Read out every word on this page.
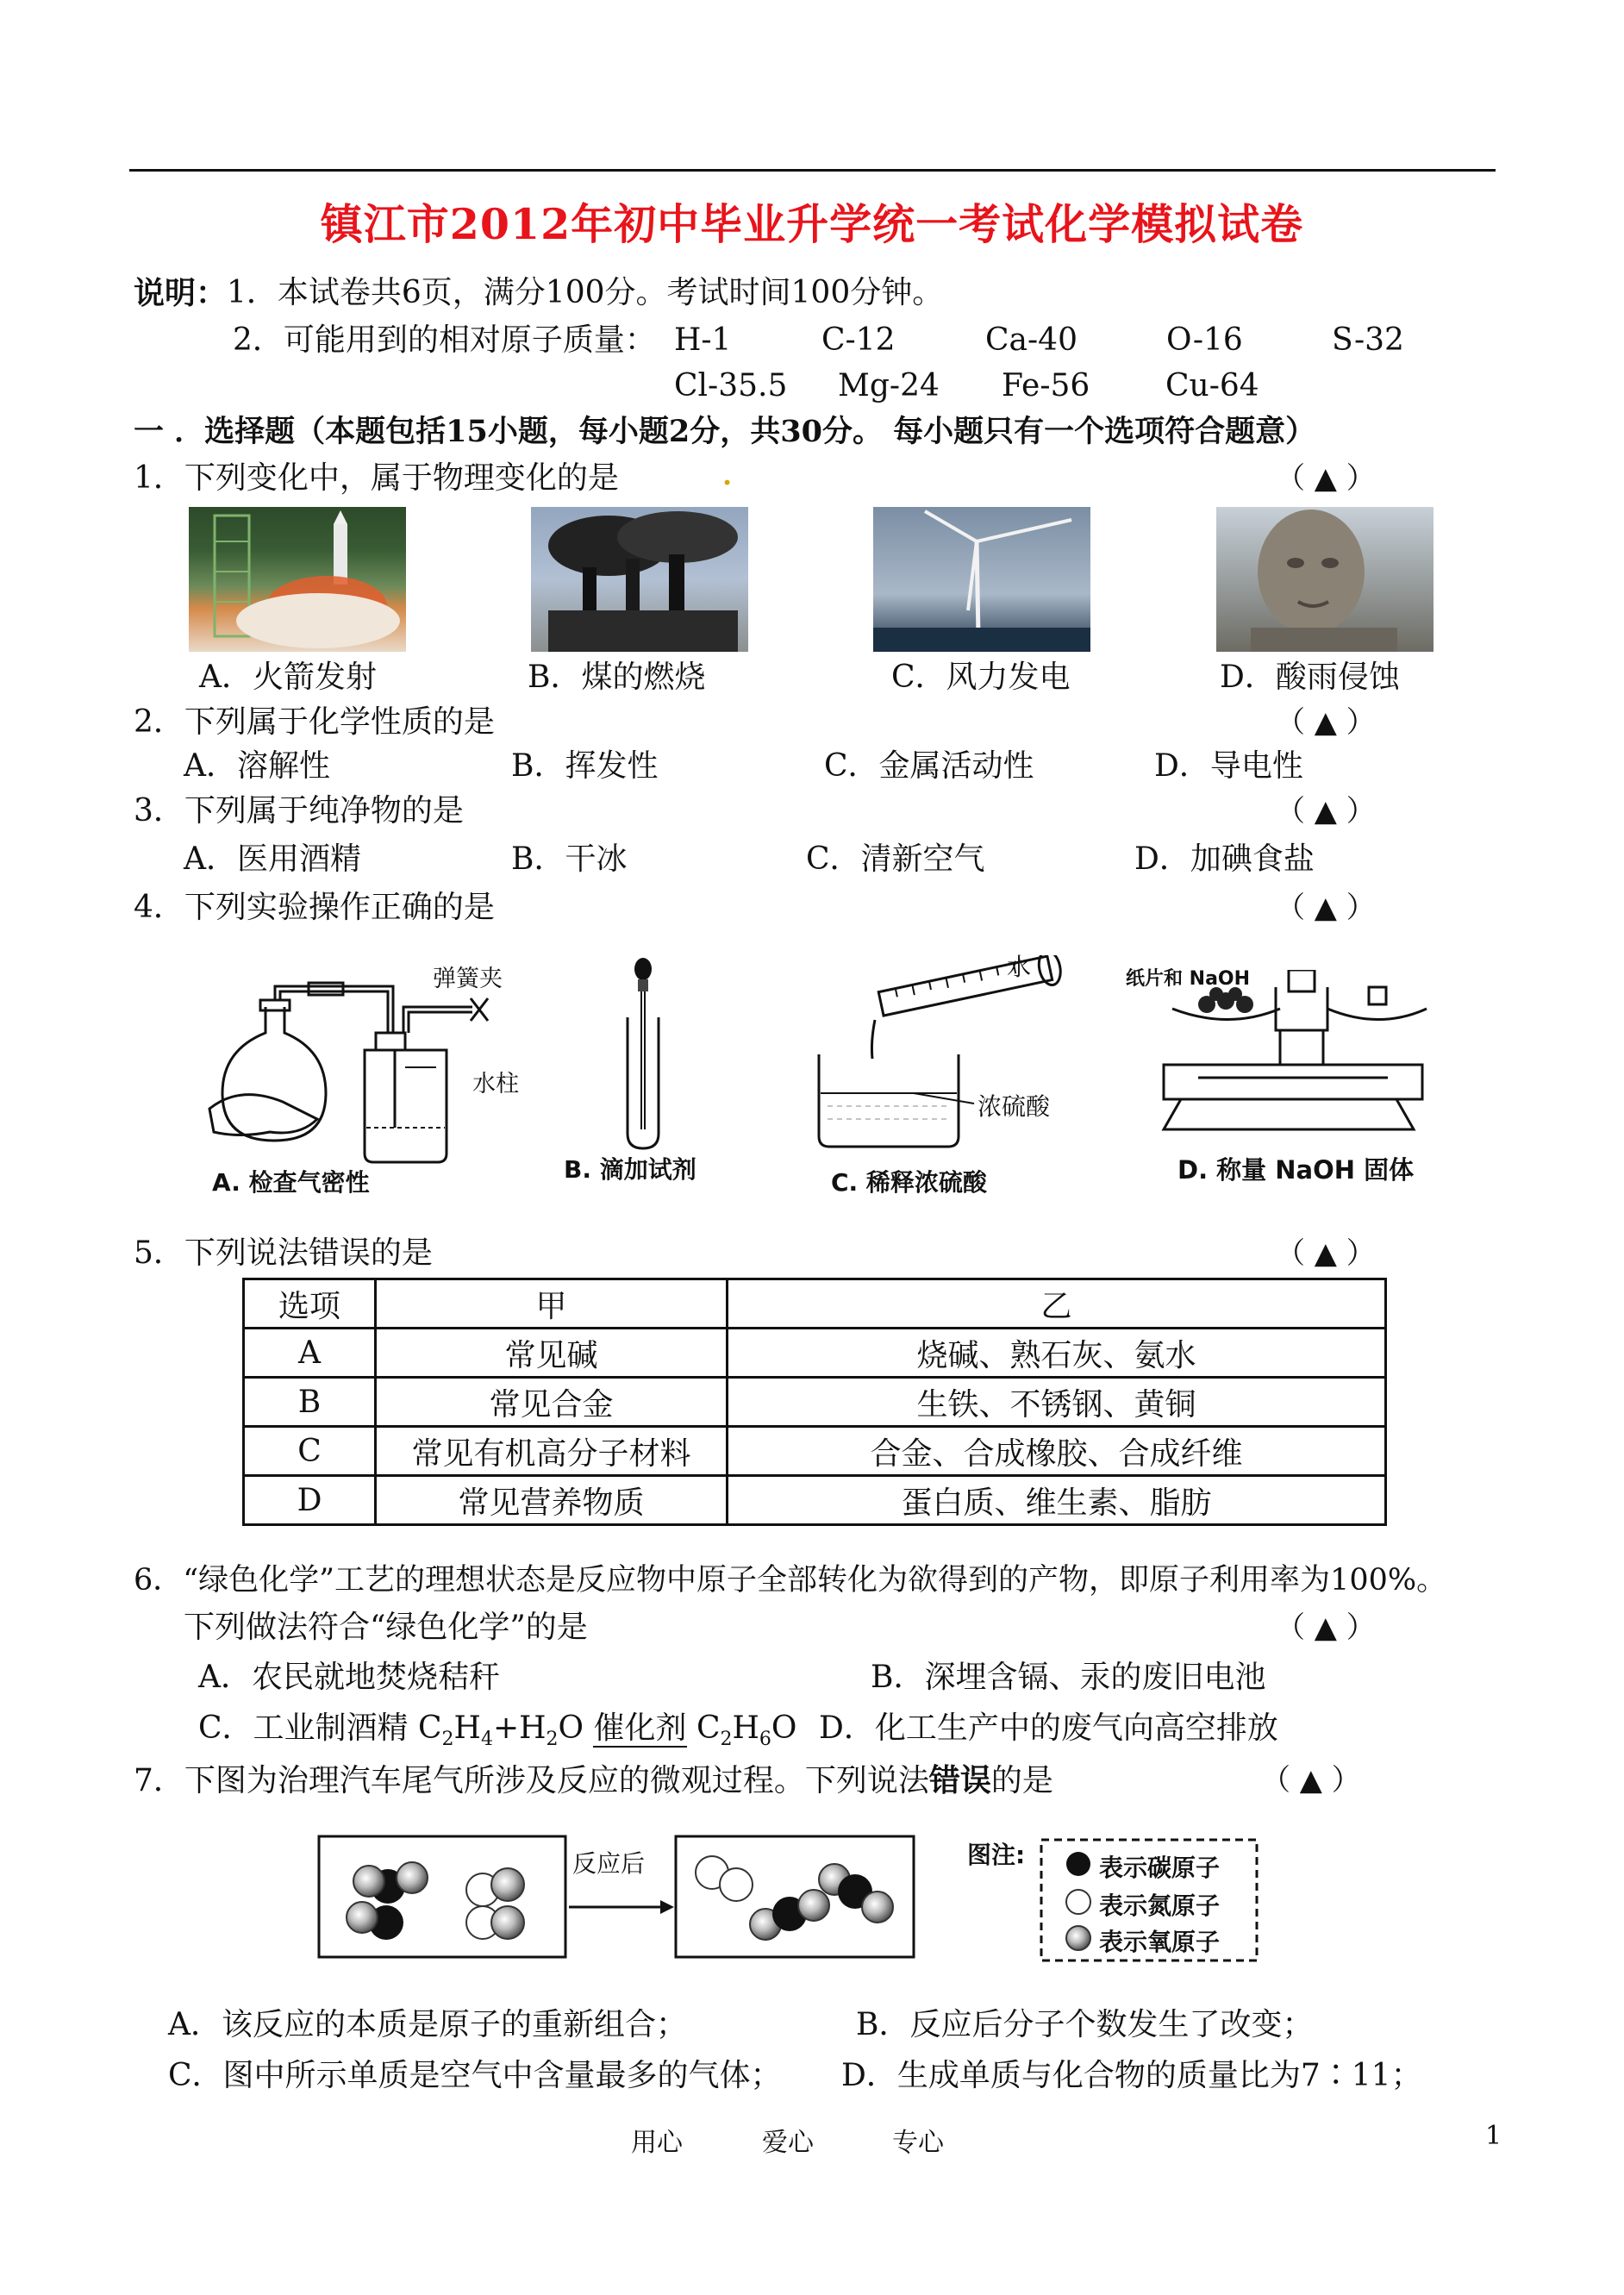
镇江市2012年初中毕业升学统一考试化学模拟试卷
说明： 1．本试卷共6页，满分100分。考试时间100分钟。
2．可能用到的相对原子质量： H-1	C-12	Ca-40	O-16	S-32
Cl-35.5 Mg-24 Fe-56 Cu-64
一 ．选择题（本题包括15小题，每小题2分，共30分。 每小题只有一个选项符合题意）
1．下列变化中，属于物理变化的是	.	（ ▲ ）
A．火箭发射	B．煤的燃烧	C．风力发电	D．酸雨侵蚀
2．下列属于化学性质的是	（ ▲ ）
A．溶解性	B．挥发性	C．金属活动性	D．导电性
3．下列属于纯净物的是	（ ▲ ）
A．医用酒精	B．干冰	C．清新空气	D．加碘食盐
4．下列实验操作正确的是	（ ▲ ）
弹簧夹
水柱
A. 检查气密性	B. 滴加试剂
水
浓硫酸
C. 稀释浓硫酸
纸片和 NaOH
D. 称量 NaOH 固体
5．下列说法错误的是	（ ▲ ）
选项	甲	乙
A	常见碱	烧碱、熟石灰、氨水
B	常见合金	生铁、不锈钢、黄铜
C	常见有机高分子材料	合金、合成橡胶、合成纤维
D	常见营养物质	蛋白质、维生素、脂肪
6．“绿色化学”工艺的理想状态是反应物中原子全部转化为欲得到的产物，即原子利用率为100%。
下列做法符合“绿色化学”的是	（ ▲ ）
A．农民就地焚烧秸秆	B．深埋含镉、汞的废旧电池
C．工业制酒精 $C_2H_4+H_2O$ 催化剂 $C_2H_6O$ D．化工生产中的废气向高空排放
7．下图为治理汽车尾气所涉及反应的微观过程。下列说法错误的是	（ ▲ ）
反应后	图注:	表示碳原子
表示氮原子
表示氧原子
A．该反应的本质是原子的重新组合；	B．反应后分子个数发生了改变；
C．图中所示单质是空气中含量最多的气体； D．生成单质与化合物的质量比为7∶11；
用心	爱心	专心	1
